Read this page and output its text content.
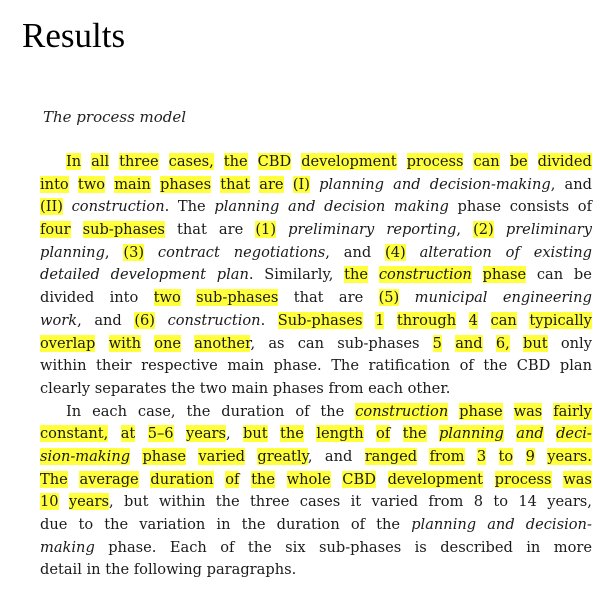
Results
The process model
In all three cases, the CBD development process can be divided
into two main phases that are (I) planning and decision-making, and
(II) construction. The planning and decision making phase consists of
four sub-phases that are (1) preliminary reporting, (2) preliminary
planning, (3) contract negotiations, and (4) alteration of existing
detailed development plan. Similarly, the construction phase can be
divided into two sub-phases that are (5) municipal engineering
work, and (6) construction. Sub-phases 1 through 4 can typically
overlap with one another, as can sub-phases 5 and 6, but only
within their respective main phase. The ratification of the CBD plan
clearly separates the two main phases from each other.
In each case, the duration of the construction phase was fairly
constant, at 5–6 years, but the length of the planning and deci-
sion-making phase varied greatly, and ranged from 3 to 9 years.
The average duration of the whole CBD development process was
10 years, but within the three cases it varied from 8 to 14 years,
due to the variation in the duration of the planning and decision-
making phase. Each of the six sub-phases is described in more
detail in the following paragraphs.
